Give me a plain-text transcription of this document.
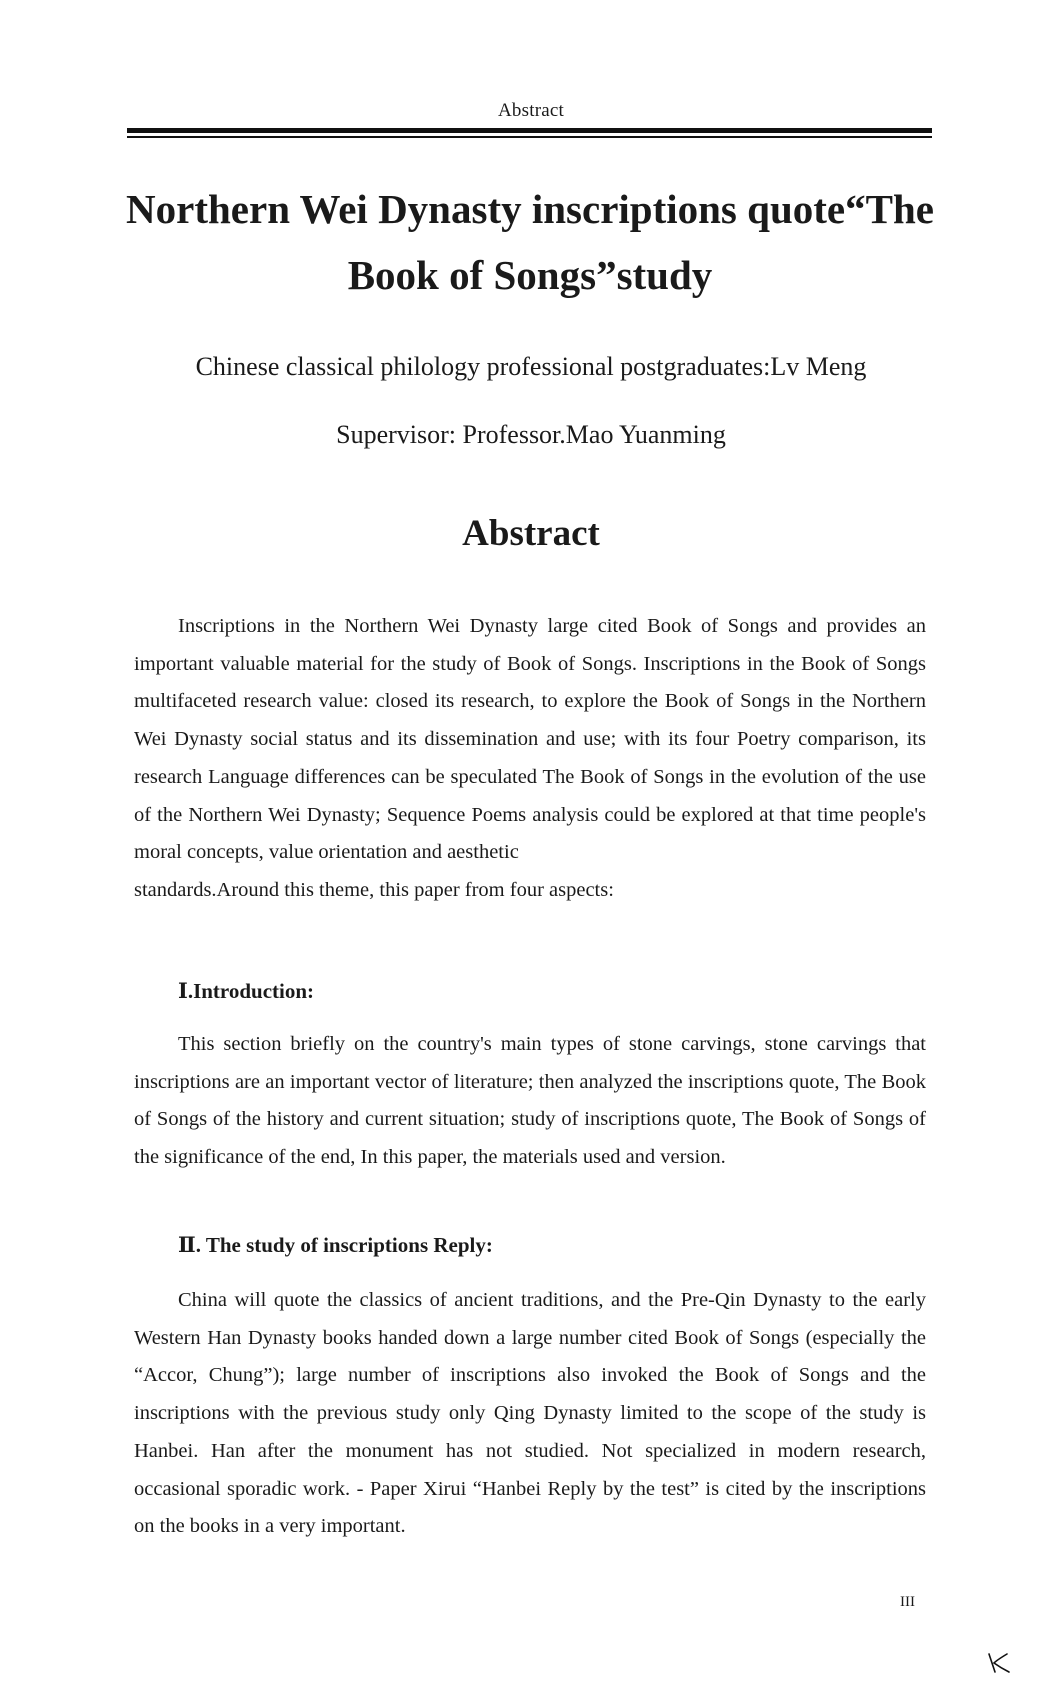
Abstract
Northern Wei Dynasty inscriptions quote“The
Book of Songs”study
Chinese classical philology professional postgraduates:Lv Meng
Supervisor: Professor.Mao Yuanming
Abstract

Inscriptions in the Northern Wei Dynasty large cited Book of Songs and provides an important valuable material for the study of Book of Songs. Inscriptions in the Book of Songs multifaceted research value: closed its research, to explore the Book of Songs in the Northern Wei Dynasty social status and its dissemination and use; with its four Poetry comparison, its research Language differences can be speculated The Book of Songs in the evolution of the use of the Northern Wei Dynasty; Sequence Poems analysis could be explored at that time people's moral concepts, value orientation and aesthetic

standards.Around this theme, this paper from four aspects:

Ⅰ.Introduction:

This section briefly on the country's main types of stone carvings, stone carvings that inscriptions are an important vector of literature; then analyzed the inscriptions quote, The Book of Songs of the history and current situation; study of inscriptions quote, The Book of Songs of the significance of the end, In this paper, the materials used and version.

Ⅱ. The study of inscriptions Reply:

China will quote the classics of ancient traditions, and the Pre-Qin Dynasty to the early Western Han Dynasty books handed down a large number cited Book of Songs (especially the “Accor, Chung”); large number of inscriptions also invoked the Book of Songs and the inscriptions with the previous study only Qing Dynasty limited to the scope of the study is Hanbei. Han after the monument has not studied. Not specialized in modern research, occasional sporadic work. - Paper Xirui “Hanbei Reply by the test” is cited by the inscriptions on the books in a very important.

III
